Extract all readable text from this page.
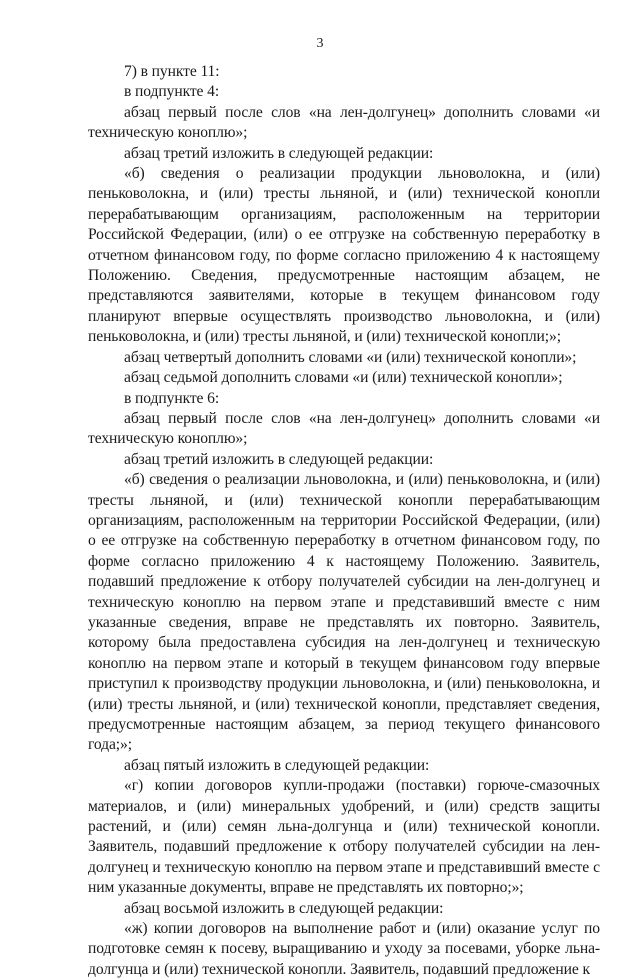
3

7) в пункте 11:

в подпункте 4:

абзац первый после слов «на лен-долгунец» дополнить словами «и техническую коноплю»;

абзац третий изложить в следующей редакции:

«б) сведения о реализации продукции льноволокна, и (или) пеньковолокна, и (или) тресты льняной, и (или) технической конопли перерабатывающим организациям, расположенным на территории Российской Федерации, (или) о ее отгрузке на собственную переработку в отчетном финансовом году, по форме согласно приложению 4 к настоящему Положению. Сведения, предусмотренные настоящим абзацем, не представляются заявителями, которые в текущем финансовом году планируют впервые осуществлять производство льноволокна, и (или) пеньковолокна, и (или) тресты льняной, и (или) технической конопли;»;

абзац четвертый дополнить словами «и (или) технической конопли»;

абзац седьмой дополнить словами «и (или) технической конопли»;

в подпункте 6:

абзац первый после слов «на лен-долгунец» дополнить словами «и техническую коноплю»;

абзац третий изложить в следующей редакции:

«б) сведения о реализации льноволокна, и (или) пеньковолокна, и (или) тресты льняной, и (или) технической конопли перерабатывающим организациям, расположенным на территории Российской Федерации, (или) о ее отгрузке на собственную переработку в отчетном финансовом году, по форме согласно приложению 4 к настоящему Положению. Заявитель, подавший предложение к отбору получателей субсидии на лен-долгунец и техническую коноплю на первом этапе и представивший вместе с ним указанные сведения, вправе не представлять их повторно. Заявитель, которому была предоставлена субсидия на лен-долгунец и техническую коноплю на первом этапе и который в текущем финансовом году впервые приступил к производству продукции льноволокна, и (или) пеньковолокна, и (или) тресты льняной, и (или) технической конопли, представляет сведения, предусмотренные настоящим абзацем, за период текущего финансового года;»;

абзац пятый изложить в следующей редакции:

«г) копии договоров купли-продажи (поставки) горюче-смазочных материалов, и (или) минеральных удобрений, и (или) средств защиты растений, и (или) семян льна-долгунца и (или) технической конопли. Заявитель, подавший предложение к отбору получателей субсидии на лен-долгунец и техническую коноплю на первом этапе и представивший вместе с ним указанные документы, вправе не представлять их повторно;»;

абзац восьмой изложить в следующей редакции:

«ж) копии договоров на выполнение работ и (или) оказание услуг по подготовке семян к посеву, выращиванию и уходу за посевами, уборке льна-долгунца и (или) технической конопли. Заявитель, подавший предложение к
